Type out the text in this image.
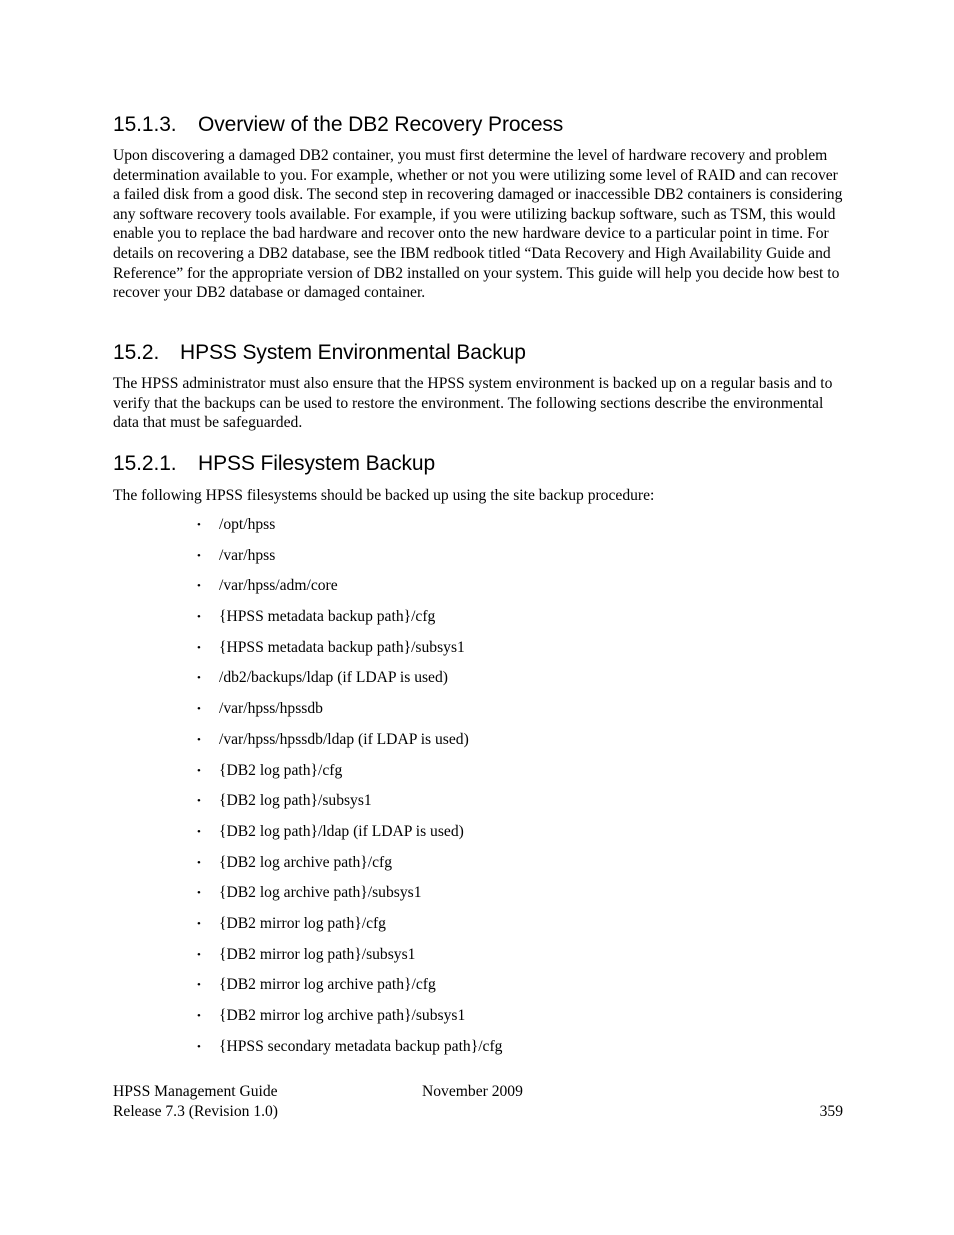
15.1.3. Overview of the DB2 Recovery Process

Upon discovering a damaged DB2 container, you must first determine the level of hardware recovery and problem determination available to you. For example, whether or not you were utilizing some level of RAID and can recover a failed disk from a good disk. The second step in recovering damaged or inaccessible DB2 containers is considering any software recovery tools available. For example, if you were utilizing backup software, such as TSM, this would enable you to replace the bad hardware and recover onto the new hardware device to a particular point in time. For details on recovering a DB2 database, see the IBM redbook titled “Data Recovery and High Availability Guide and Reference” for the appropriate version of DB2 installed on your system. This guide will help you decide how best to recover your DB2 database or damaged container.

15.2. HPSS System Environmental Backup

The HPSS administrator must also ensure that the HPSS system environment is backed up on a regular basis and to verify that the backups can be used to restore the environment. The following sections describe the environmental data that must be safeguarded.

15.2.1. HPSS Filesystem Backup

The following HPSS filesystems should be backed up using the site backup procedure:

• /opt/hpss
• /var/hpss
• /var/hpss/adm/core
• {HPSS metadata backup path}/cfg
• {HPSS metadata backup path}/subsys1
• /db2/backups/ldap (if LDAP is used)
• /var/hpss/hpssdb
• /var/hpss/hpssdb/ldap (if LDAP is used)
• {DB2 log path}/cfg
• {DB2 log path}/subsys1
• {DB2 log path}/ldap (if LDAP is used)
• {DB2 log archive path}/cfg
• {DB2 log archive path}/subsys1
• {DB2 mirror log path}/cfg
• {DB2 mirror log path}/subsys1
• {DB2 mirror log archive path}/cfg
• {DB2 mirror log archive path}/subsys1
• {HPSS secondary metadata backup path}/cfg
HPSS Management Guide	November 2009
Release 7.3 (Revision 1.0)	359
